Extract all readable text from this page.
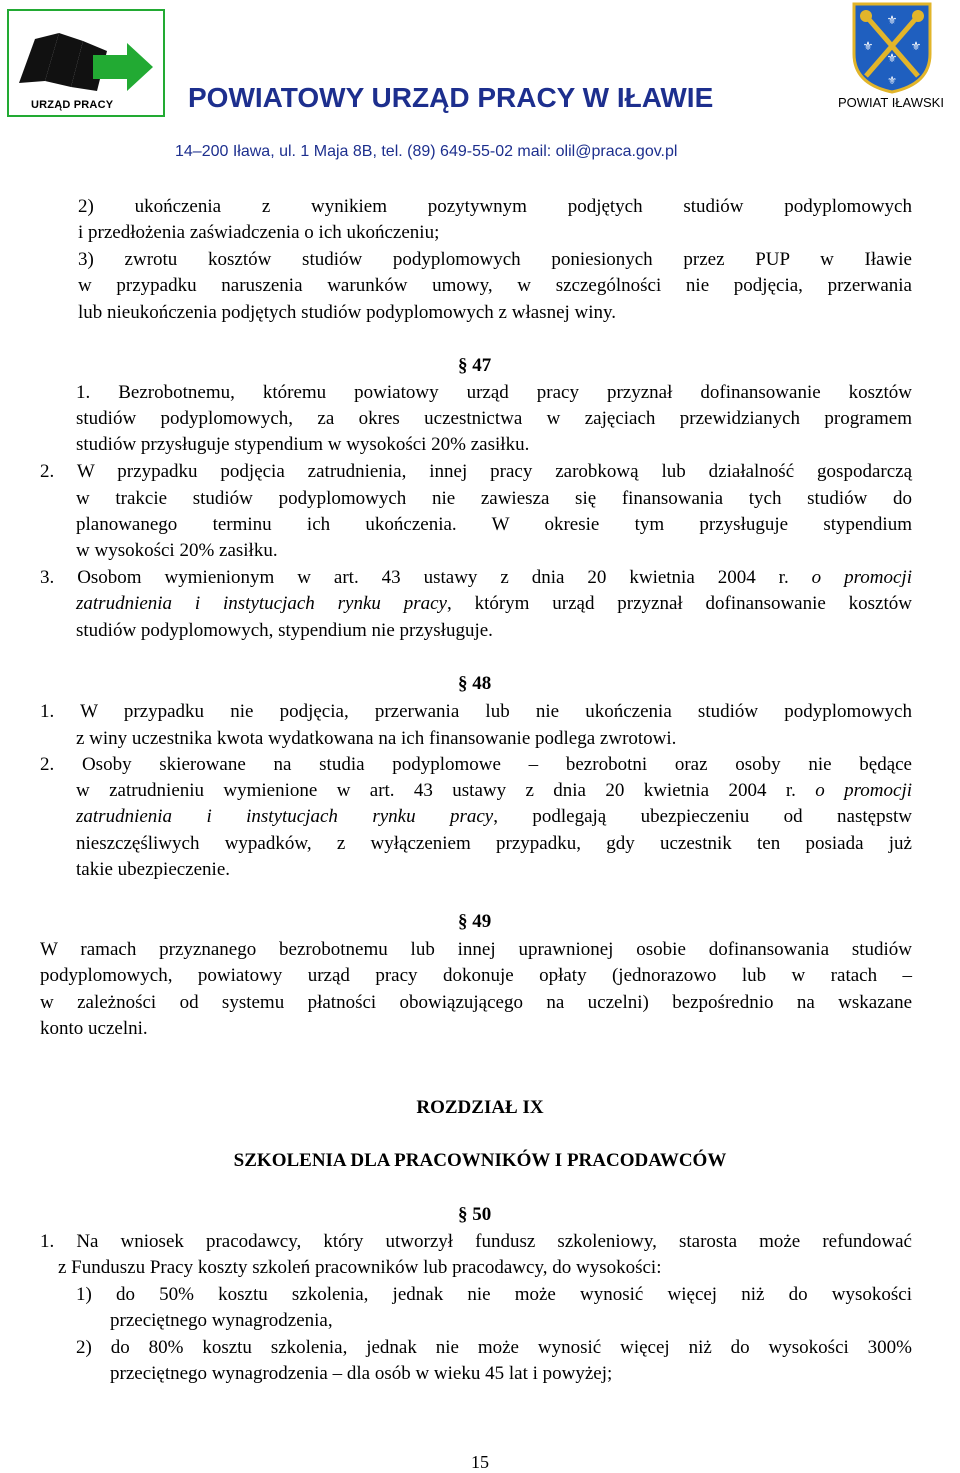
URZĄD PRACY	POWIATOWY URZĄD PRACY W IŁAWIE
⚜
⚜	⚜
⚜
⚜
POWIAT IŁAWSKI
14–200 Iława, ul. 1 Maja 8B, tel. (89) 649-55-02 mail: olil@praca.gov.pl
2) ukończenia z wynikiem pozytywnym podjętych studiów podyplomowych
i przedłożenia zaświadczenia o ich ukończeniu;
3) zwrotu kosztów studiów podyplomowych poniesionych przez PUP w Iławie
w przypadku naruszenia warunków umowy, w szczególności nie podjęcia, przerwania
lub nieukończenia podjętych studiów podyplomowych z własnej winy.
§ 47
1. Bezrobotnemu, któremu powiatowy urząd pracy przyznał dofinansowanie kosztów
studiów podyplomowych, za okres uczestnictwa w zajęciach przewidzianych programem
studiów przysługuje stypendium w wysokości 20% zasiłku.
2. W przypadku podjęcia zatrudnienia, innej pracy zarobkową lub działalność gospodarczą
w trakcie studiów podyplomowych nie zawiesza się finansowania tych studiów do
planowanego terminu ich ukończenia. W okresie tym przysługuje stypendium
w wysokości 20% zasiłku.
3. Osobom wymienionym w art. 43 ustawy z dnia 20 kwietnia 2004 r. o promocji
zatrudnienia i instytucjach rynku pracy, którym urząd przyznał dofinansowanie kosztów
studiów podyplomowych, stypendium nie przysługuje.
§ 48
1. W przypadku nie podjęcia, przerwania lub nie ukończenia studiów podyplomowych
z winy uczestnika kwota wydatkowana na ich finansowanie podlega zwrotowi.
2. Osoby skierowane na studia podyplomowe – bezrobotni oraz osoby nie będące
w zatrudnieniu wymienione w art. 43 ustawy z dnia 20 kwietnia 2004 r. o promocji
zatrudnienia i instytucjach rynku pracy, podlegają ubezpieczeniu od następstw
nieszczęśliwych wypadków, z wyłączeniem przypadku, gdy uczestnik ten posiada już
takie ubezpieczenie.
§ 49
W ramach przyznanego bezrobotnemu lub innej uprawnionej osobie dofinansowania studiów
podyplomowych, powiatowy urząd pracy dokonuje opłaty (jednorazowo lub w ratach –
w zależności od systemu płatności obowiązującego na uczelni) bezpośrednio na wskazane
konto uczelni.
ROZDZIAŁ IX
SZKOLENIA DLA PRACOWNIKÓW I PRACODAWCÓW
§ 50
1. Na wniosek pracodawcy, który utworzył fundusz szkoleniowy, starosta może refundować
z Funduszu Pracy koszty szkoleń pracowników lub pracodawcy, do wysokości:
1) do 50% kosztu szkolenia, jednak nie może wynosić więcej niż do wysokości
przeciętnego wynagrodzenia,
2) do 80% kosztu szkolenia, jednak nie może wynosić więcej niż do wysokości 300%
przeciętnego wynagrodzenia – dla osób w wieku 45 lat i powyżej;
15
